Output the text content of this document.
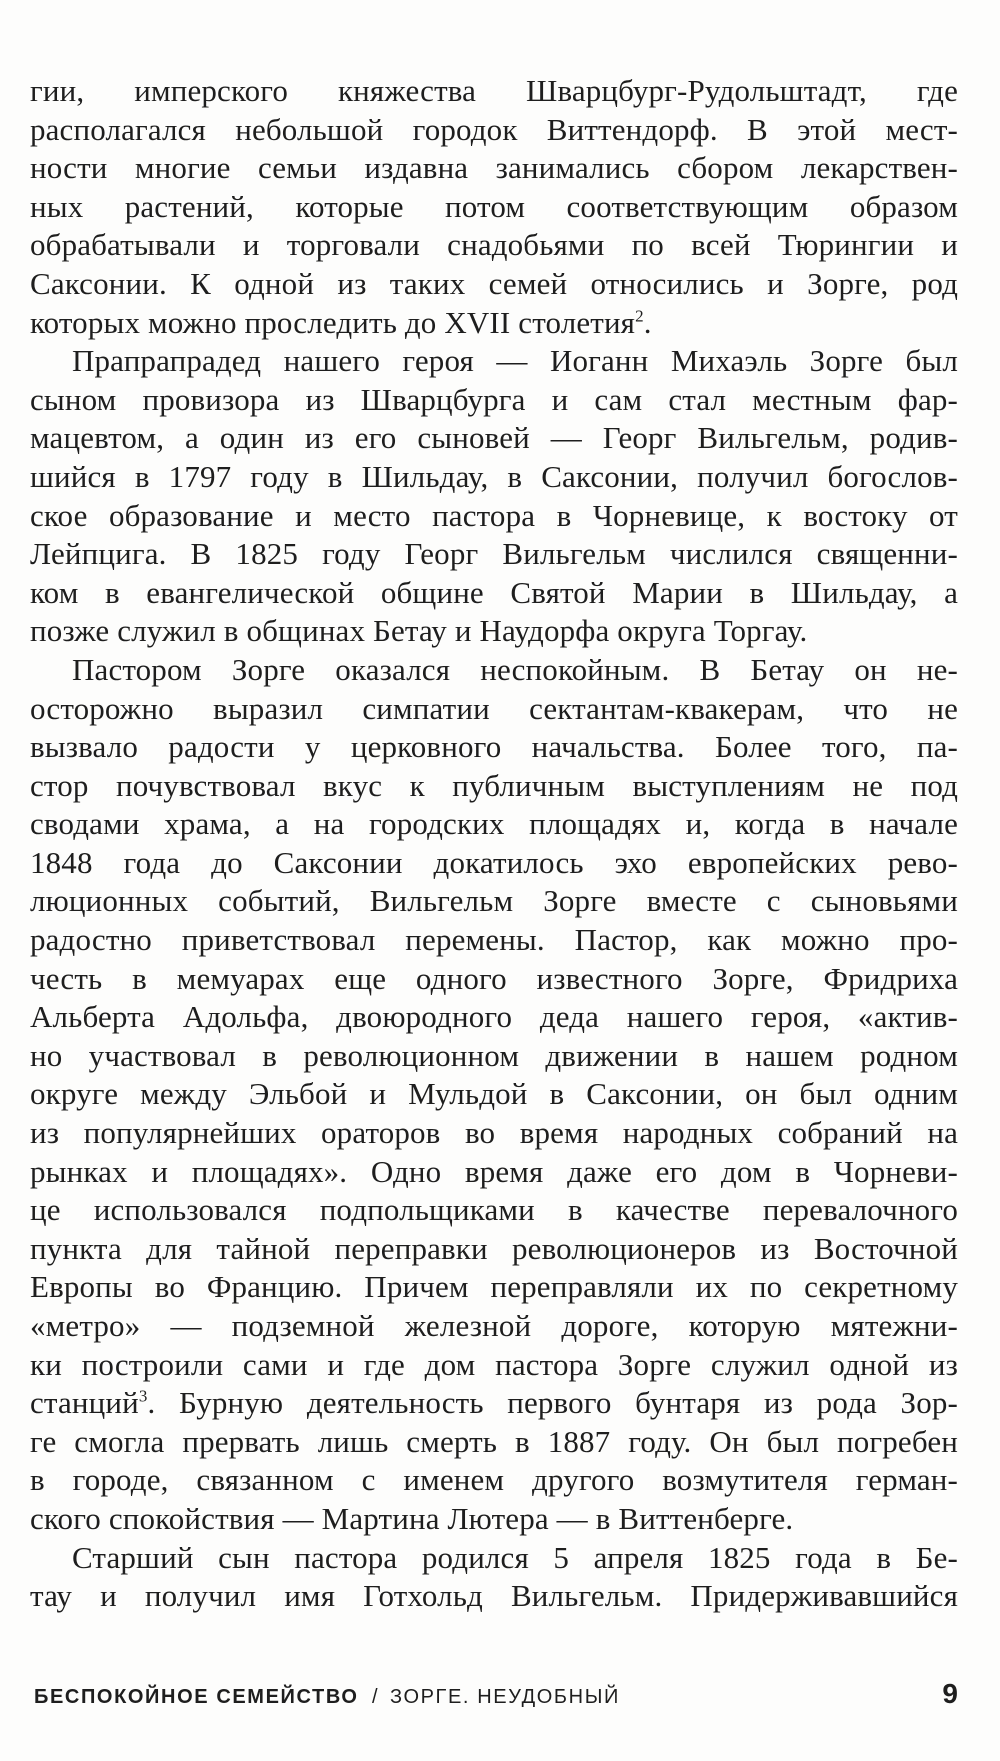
гии, имперского княжества Шварцбург-Рудольштадт, где
располагался небольшой городок Виттендорф. В этой мест-
ности многие семьи издавна занимались сбором лекарствен-
ных растений, которые потом соответствующим образом
обрабатывали и торговали снадобьями по всей Тюрингии и
Саксонии. К одной из таких семей относились и Зорге, род
которых можно проследить до XVII столетия$^2$.
Прапрапрадед нашего героя — Иоганн Михаэль Зорге был
сыном провизора из Шварцбурга и сам стал местным фар-
мацевтом, а один из его сыновей — Георг Вильгельм, родив-
шийся в 1797 году в Шильдау, в Саксонии, получил богослов-
ское образование и место пастора в Чорневице, к востоку от
Лейпцига. В 1825 году Георг Вильгельм числился священни-
ком в евангелической общине Святой Марии в Шильдау, а
позже служил в общинах Бетау и Наудорфа округа Торгау.
Пастором Зорге оказался неспокойным. В Бетау он не-
осторожно выразил симпатии сектантам-квакерам, что не
вызвало радости у церковного начальства. Более того, па-
стор почувствовал вкус к публичным выступлениям не под
сводами храма, а на городских площадях и, когда в начале
1848 года до Саксонии докатилось эхо европейских рево-
люционных событий, Вильгельм Зорге вместе с сыновьями
радостно приветствовал перемены. Пастор, как можно про-
честь в мемуарах еще одного известного Зорге, Фридриха
Альберта Адольфа, двоюродного деда нашего героя, «актив-
но участвовал в революционном движении в нашем родном
округе между Эльбой и Мульдой в Саксонии, он был одним
из популярнейших ораторов во время народных собраний на
рынках и площадях». Одно время даже его дом в Чорневи-
це использовался подпольщиками в качестве перевалочного
пункта для тайной переправки революционеров из Восточной
Европы во Францию. Причем переправляли их по секретному
«метро» — подземной железной дороге, которую мятежни-
ки построили сами и где дом пастора Зорге служил одной из
станций$^3$. Бурную деятельность первого бунтаря из рода Зор-
ге смогла прервать лишь смерть в 1887 году. Он был погребен
в городе, связанном с именем другого возмутителя герман-
ского спокойствия — Мартина Лютера — в Виттенберге.
Старший сын пастора родился 5 апреля 1825 года в Бе-
тау и получил имя Готхольд Вильгельм. Придерживавшийся
БЕСПОКОЙНОЕ СЕМЕЙСТВО / ЗОРГЕ. НЕУДОБНЫЙ	9
